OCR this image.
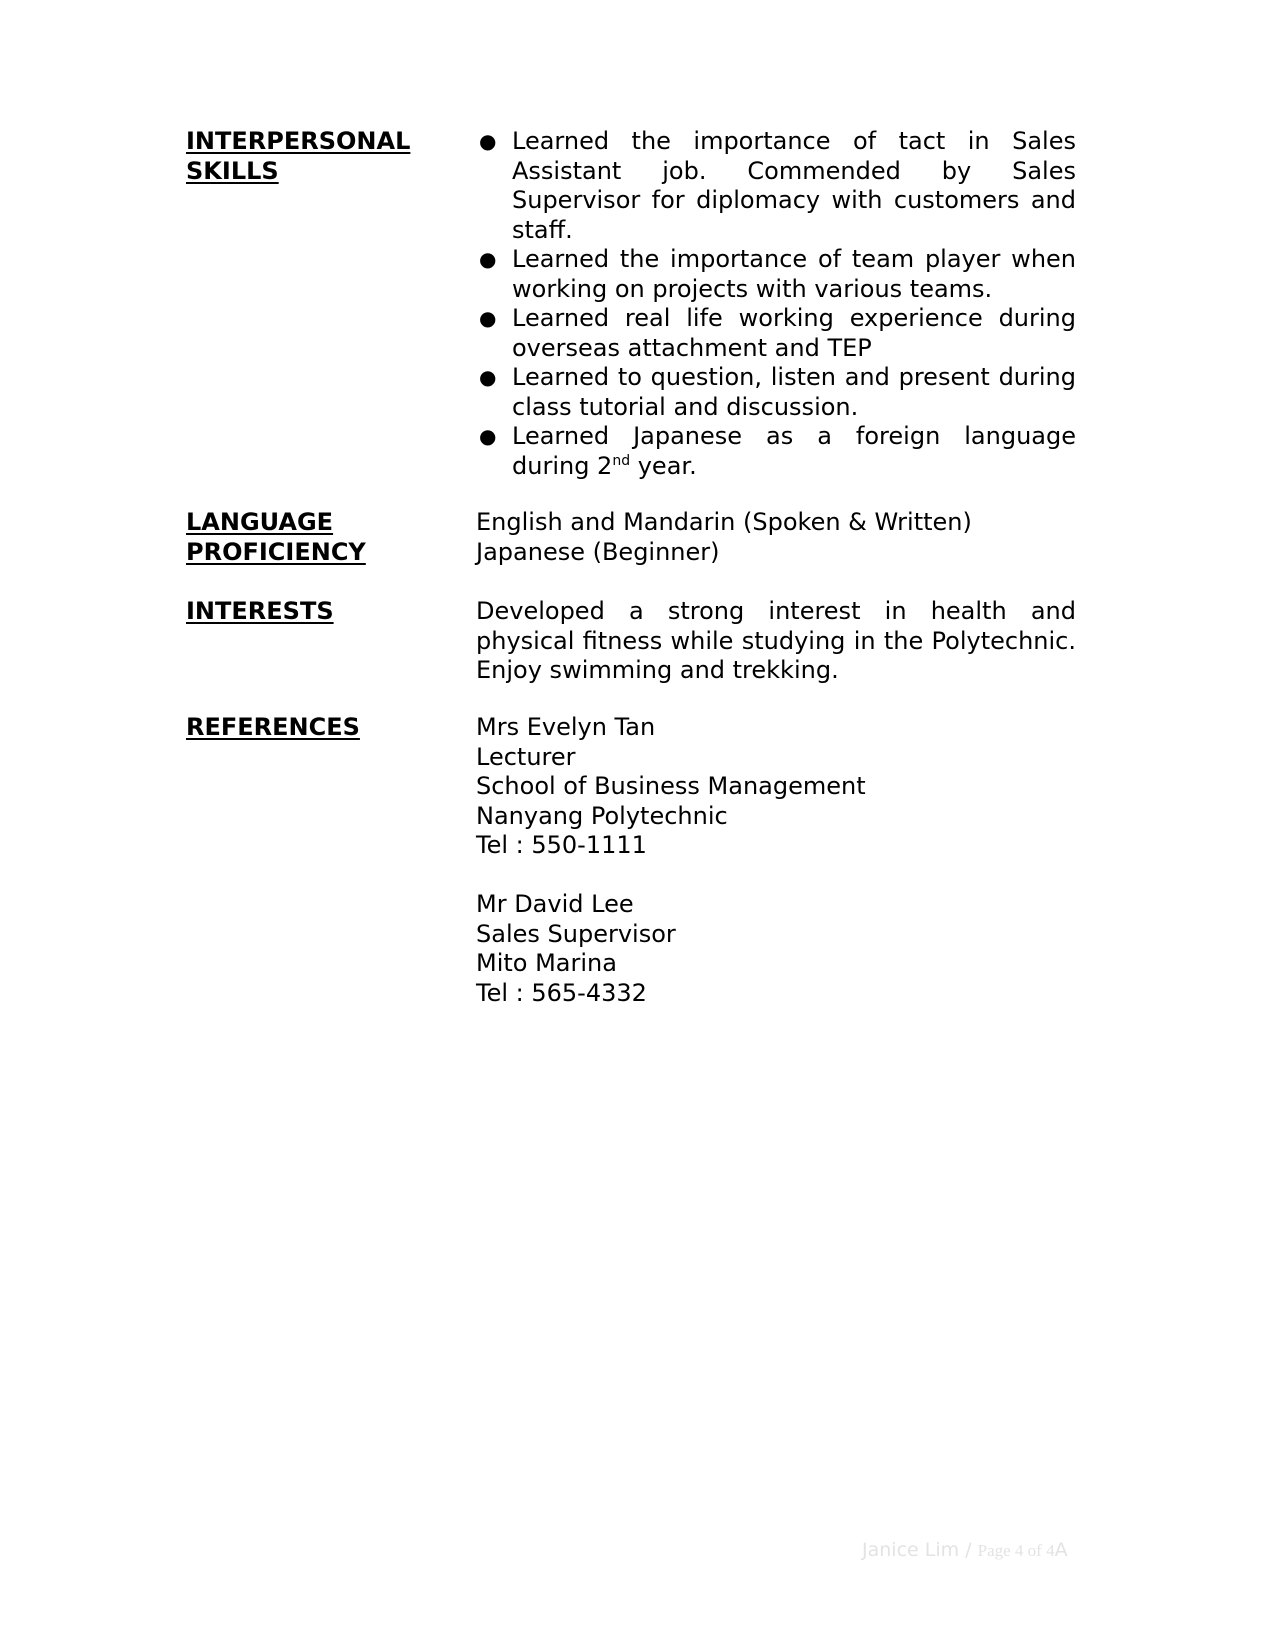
INTERPERSONAL
SKILLS
● Learned the importance of tact in Sales Assistant job. Commended by Sales Supervisor for diplomacy with customers and staff.
● Learned the importance of team player when working on projects with various teams.
● Learned real life working experience during overseas attachment and TEP
● Learned to question, listen and present during class tutorial and discussion.
● Learned Japanese as a foreign language during 2nd year.
LANGUAGE
PROFICIENCY
English and Mandarin (Spoken & Written)
Japanese (Beginner)
INTERESTS	Developed a strong interest in health and physical fitness while studying in the Polytechnic. Enjoy swimming and trekking.
REFERENCES	Mrs Evelyn Tan
Lecturer
School of Business Management
Nanyang Polytechnic
Tel : 550-1111
Mr David Lee
Sales Supervisor
Mito Marina
Tel : 565-4332
Janice Lim / Page 4 of 4A
